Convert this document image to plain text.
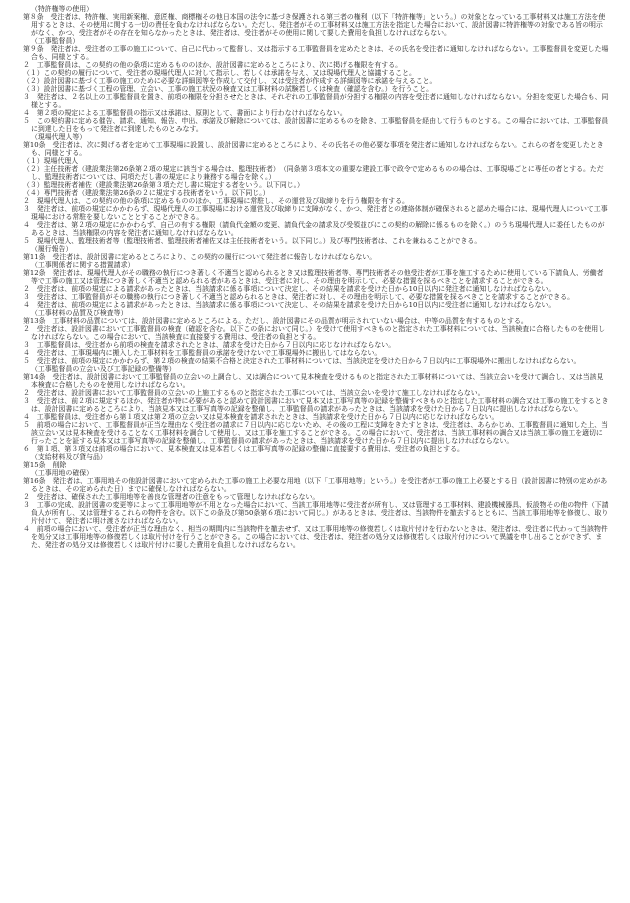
（特許権等の使用）

第８条　受注者は、特許権、実用新案権、意匠権、商標権その他日本国の法令に基づき保護される第三者の権利（以下「特許権等」という。）の対象となっている工事材料又は施工方法を使用するときは、その使用に関する一切の責任を負わなければならない。ただし、発注者がその工事材料又は施工方法を指定した場合において、設計図書に特許権等の対象である旨の明示がなく、かつ、受注者がその存在を知らなかったときは、発注者は、受注者がその使用に関して要した費用を負担しなければならない。

（工事監督員）

第９条　発注者は、受注者の工事の施工について、自己に代わって監督し、又は指示する工事監督員を定めたときは、その氏名を受注者に通知しなければならない。工事監督員を変更した場合も、同様とする。

２　工事監督員は、この契約の他の条項に定めるもののほか、設計図書に定めるところにより、次に掲げる権限を有する。

（１）この契約の履行について、受注者の現場代理人に対して指示し、若しくは承諾を与え、又は現場代理人と協議すること。

（２）設計図書に基づく工事の施工のために必要な詳細図等を作成して交付し、又は受注者が作成する詳細図等に承諾を与えること。

（３）設計図書に基づく工程の管理、立会い、工事の施工状況の検査又は工事材料の試験若しくは検査（確認を含む。）を行うこと。

３　発注者は、２名以上の工事監督員を置き、前項の権限を分担させたときは、それぞれの工事監督員が分担する権限の内容を受注者に通知しなければならない。分担を変更した場合も、同様とする。

４　第２項の規定による工事監督員の指示又は承諾は、原則として、書面により行わなければならない。

５　この契約書に定める催告、請求、通知、報告、申出、承諾及び解除については、設計図書に定めるものを除き、工事監督員を経由して行うものとする。この場合においては、工事監督員に到達した日をもって発注者に到達したものとみなす。

（現場代理人等）

第10条　受注者は、次に掲げる者を定めて工事現場に設置し、設計図書に定めるところにより、その氏名その他必要な事項を発注者に通知しなければならない。これらの者を変更したときも、同様とする。

（１）現場代理人

（２）主任技術者（建設業法第26条第２項の規定に該当する場合は、監理技術者）　（同条第３項本文の重要な建設工事で政令で定めるものの場合は、工事現場ごとに専任の者とする。ただし、監理技術者については、同項ただし書の規定により兼務する場合を除く。）

（３）監理技術者補佐（建設業法第26条第３項ただし書に規定する者をいう。以下同じ。）

（４）専門技術者（建設業法第26条の２に規定する技術者をいう。以下同じ。）

２　現場代理人は、この契約の他の条項に定めるもののほか、工事現場に常駐し、その運営及び取締りを行う権限を有する。

３　発注者は、前項の規定にかかわらず、現場代理人の工事現場における運営及び取締りに支障がなく、かつ、発注者との連絡体制が確保されると認めた場合には、現場代理人について工事現場における常駐を要しないこととすることができる。

４　受注者は、第２項の規定にかかわらず、自己の有する権限（請負代金額の変更、請負代金の請求及び受領並びにこの契約の解除に係るものを除く。）のうち現場代理人に委任したものがあるときは、当該権限の内容を発注者に通知しなければならない。

５　現場代理人、監理技術者等（監理技術者、監理技術者補佐又は主任技術者をいう。以下同じ。）及び専門技術者は、これを兼ねることができる。

（履行報告）

第11条　受注者は、設計図書に定めるところにより、この契約の履行について発注者に報告しなければならない。

（工事関係者に関する措置請求）

第12条　発注者は、現場代理人がその職務の執行につき著しく不適当と認められるとき又は監理技術者等、専門技術者その他受注者が工事を施工するために使用している下請負人、労働者等で工事の施工又は管理につき著しく不適当と認められる者があるときは、受注者に対し、その理由を明示して、必要な措置を採るべきことを請求することができる。

２　受注者は、前項の規定による請求があったときは、当該請求に係る事項について決定し、その結果を請求を受けた日から10日以内に発注者に通知しなければならない。

３　受注者は、工事監督員がその職務の執行につき著しく不適当と認められるときは、発注者に対し、その理由を明示して、必要な措置を採るべきことを請求することができる。

４　発注者は、前項の規定による請求があったときは、当該請求に係る事項について決定し、その結果を請求を受けた日から10日以内に受注者に通知しなければならない。

（工事材料の品質及び検査等）

第13条　工事材料の品質については、設計図書に定めるところによる。ただし、設計図書にその品質が明示されていない場合は、中等の品質を有するものとする。

２　受注者は、設計図書において工事監督員の検査（確認を含む。以下この条において同じ。）を受けて使用すべきものと指定された工事材料については、当該検査に合格したものを使用しなければならない。この場合において、当該検査に直接要する費用は、受注者の負担とする。

３　工事監督員は、受注者から前項の検査を請求されたときは、請求を受けた日から７日以内に応じなければならない。

４　受注者は、工事現場内に搬入した工事材料を工事監督員の承諾を受けないで工事現場外に搬出してはならない。

５　受注者は、前項の規定にかかわらず、第２項の検査の結果不合格と決定された工事材料については、当該決定を受けた日から７日以内に工事現場外に搬出しなければならない。

（工事監督員の立会い及び工事記録の整備等）

第14条　受注者は、設計図書において工事監督員の立会いの上調合し、又は調合について見本検査を受けるものと指定された工事材料については、当該立会いを受けて調合し、又は当該見本検査に合格したものを使用しなければならない。

２　受注者は、設計図書において工事監督員の立会いの上施工するものと指定された工事については、当該立会いを受けて施工しなければならない。

３　受注者は、前２項に規定するほか、発注者が特に必要があると認めて設計図書において見本又は工事写真等の記録を整備すべきものと指定した工事材料の調合又は工事の施工をするときは、設計図書に定めるところにより、当該見本又は工事写真等の記録を整備し、工事監督員の請求があったときは、当該請求を受けた日から７日以内に提出しなければならない。

４　工事監督員は、受注者から第１項又は第２項の立会い又は見本検査を請求されたときは、当該請求を受けた日から７日以内に応じなければならない。

５　前項の場合において、工事監督員が正当な理由なく受注者の請求に７日以内に応じないため、その後の工程に支障をきたすときは、受注者は、あらかじめ、工事監督員に通知した上、当該立会い又は見本検査を受けることなく工事材料を調合して使用し、又は工事を施工することができる。この場合において、受注者は、当該工事材料の調合又は当該工事の施工を適切に行ったことを証する見本又は工事写真等の記録を整備し、工事監督員の請求があったときは、当該請求を受けた日から７日以内に提出しなければならない。

６　第１項、第３項又は前項の場合において、見本検査又は見本若しくは工事写真等の記録の整備に直接要する費用は、受注者の負担とする。

（支給材料及び貸与品）

第15条　削除

（工事用地の確保）

第16条　発注者は、工事用地その他設計図書において定められた工事の施工上必要な用地（以下「工事用地等」という。）を受注者が工事の施工上必要とする日（設計図書に特別の定めがあるときは、その定められた日）までに確保しなければならない。

２　受注者は、確保された工事用地等を善良な管理者の注意をもって管理しなければならない。

３　工事の完成、設計図書の変更等によって工事用地等が不用となった場合において、当該工事用地等に受注者が所有し、又は管理する工事材料、建設機械器具、仮設物その他の物件（下請負人が所有し、又は管理するこれらの物件を含む。以下この条及び第50条第６項において同じ。）があるときは、受注者は、当該物件を撤去するとともに、当該工事用地等を修復し、取り片付けて、発注者に明け渡さなければならない。

４　前項の場合において、受注者が正当な理由なく、相当の期間内に当該物件を撤去せず、又は工事用地等の修復若しくは取片付けを行わないときは、発注者は、受注者に代わって当該物件を処分又は工事用地等の修復若しくは取片付けを行うことができる。この場合においては、受注者は、発注者の処分又は修復若しくは取片付けについて異議を申し出ることができず、また、発注者の処分又は修復若しくは取片付けに要した費用を負担しなければならない。
